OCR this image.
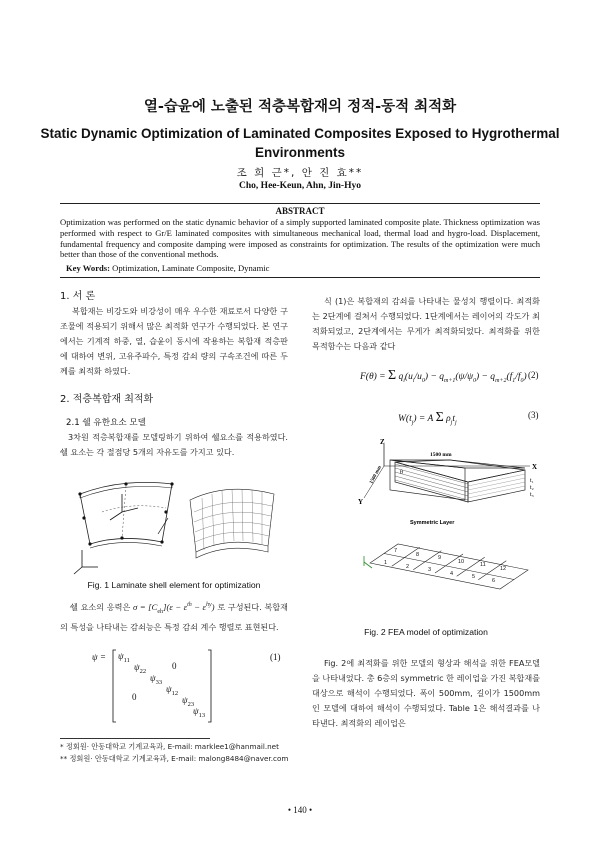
열-습윤에 노출된 적층복합재의 정적-동적 최적화
Static Dynamic Optimization of Laminated Composites Exposed to Hygrothermal Environments
조 희 근*, 안 진 효**
Cho, Hee-Keun, Ahn, Jin-Hyo
ABSTRACT
Optimization was performed on the static dynamic behavior of a simply supported laminated composite plate. Thickness optimization was performed with respect to Gr/E laminated composites with simultaneous mechanical load, thermal load and hygro-load. Displacement, fundamental frequency and composite damping were imposed as constraints for optimization. The results of the optimization were much better than those of the conventional methods.
Key Words: Optimization, Laminate Composite, Dynamic
1. 서 론
복합재는 비강도와 비강성이 매우 우수한 재료로서 다양한 구조물에 적용되기 위해서 많은 최적화 연구가 수행되었다. 본 연구에서는 기계적 하중, 열, 습윤이 동시에 작용하는 복합재 적층판에 대하여 변위, 고유주파수, 특정 감쇠 량의 구속조건에 따른 두께를 최적화 하였다.
2. 적층복합재 최적화
2.1 쉘 유한요소 모델
3차원 적층복합재를 모델링하기 위하여 쉘요소를 적용하였다. 쉘 요소는 각 절점당 5개의 자유도를 가지고 있다.
Fig. 1 Laminate shell element for optimization
쉘 요소의 응력은 $\sigma = [C_{eh}](\varepsilon - \varepsilon^{th} - \varepsilon^{hy})$ 로 구성된다. 복합재의 특성을 나타내는 감쇠능은 특정 감쇠 계수 행렬로 표현된다.
$\psi = \psi_{11}$
$\psi_{22}$
$\psi_{33}$
$\psi_{12}$
$\psi_{23}$
$\psi_{13}$
0
0
(1)
* 정회원· 안동대학교 기계교육과, E-mail: marklee1@hanmail.net
** 정회원· 안동대학교 기계교육과, E-mail: malong8484@naver.com
식 (1)은 복합재의 감쇠를 나타내는 물성치 행렬이다. 최적화는 2단계에 걸쳐서 수행되었다. 1단계에서는 레이어의 각도가 최적화되었고, 2단계에서는 무게가 최적화되었다. 최적화를 위한 목적함수는 다음과 같다
F(θ) = Σ $q_i(u_i/u_0) - q_{m+1}(\psi/\psi_0) - q_{m+2}(f_1/f_0)$ (2)
$W(t_j) = A$ Σ $\rho_jt_j$
(3)
Z
X
Y
1500 mm
1500 mm	θ
t₁
t₂
t₃
Symmetric Layer
7
8	9
10	11
12
1
2	3
4	5
6
Fig. 2 FEA model of optimization
Fig. 2에 최적화를 위한 모델의 형상과 해석을 위한 FEA모델을 나타내었다. 총 6층의 symmetric 한 레이업을 가진 복합재를 대상으로 해석이 수행되었다. 폭이 500mm, 길이가 1500mm인 모델에 대하여 해석이 수행되었다. Table 1은 해석결과를 나타낸다. 최적화의 레이업은
• 140 •
